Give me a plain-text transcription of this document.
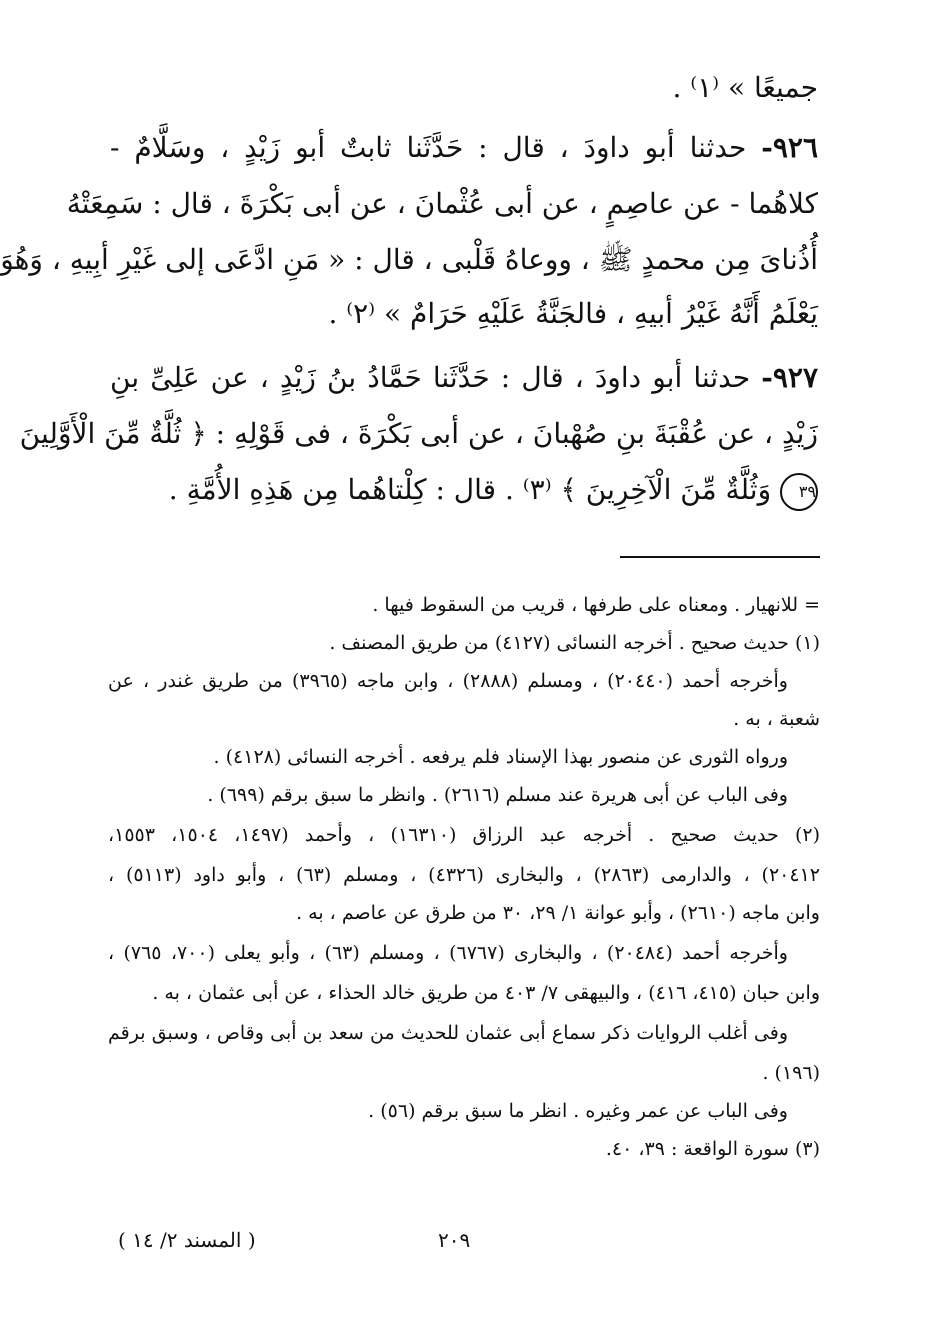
جميعًا » ⁽١⁾ .
٩٢٦- حدثنا أبو داودَ ، قال : حَدَّثَنا ثابتٌ أبو زَيْدٍ ، وسَلَّامٌ -
كلاهُما - عن عاصِمٍ ، عن أبى عُثْمانَ ، عن أبى بَكْرَةَ ، قال : سَمِعَتْهُ
أُذُناىَ مِن محمدٍ ﷺ ، ووعاهُ قَلْبى ، قال : « مَنِ ادَّعَى إلى غَيْرِ أبِيهِ ، وَهُوَ
يَعْلَمُ أَنَّهُ غَيْرُ أبيهِ ، فالجَنَّةُ عَلَيْهِ حَرَامٌ » ⁽٢⁾ .
٩٢٧- حدثنا أبو داودَ ، قال : حَدَّثَنا حَمَّادُ بنُ زَيْدٍ ، عن عَلِىِّ بنِ
زَيْدٍ ، عن عُقْبَةَ بنِ صُهْبانَ ، عن أبى بَكْرَةَ ، فى قَوْلِهِ : ﴿ ثُلَّةٌ مِّنَ الْأَوَّلِينَ
٣٩ وَثُلَّةٌ مِّنَ الْآخِرِينَ ﴾ ⁽٣⁾ . قال : كِلْتاهُما مِن هَذِهِ الأُمَّةِ .
= للانهيار . ومعناه على طرفها ، قريب من السقوط فيها .
(١) حديث صحيح . أخرجه النسائى (٤١٢٧) من طريق المصنف .
وأخرجه أحمد (٢٠٤٤٠) ، ومسلم (٢٨٨٨) ، وابن ماجه (٣٩٦٥) من طريق غندر ، عن
شعبة ، به .
ورواه الثورى عن منصور بهذا الإسناد فلم يرفعه . أخرجه النسائى (٤١٢٨) .
وفى الباب عن أبى هريرة عند مسلم (٢٦١٦) . وانظر ما سبق برقم (٦٩٩) .
(٢) حديث صحيح . أخرجه عبد الرزاق (١٦٣١٠) ، وأحمد (١٤٩٧، ١٥٠٤، ١٥٥٣،
٢٠٤١٢) ، والدارمى (٢٨٦٣) ، والبخارى (٤٣٢٦) ، ومسلم (٦٣) ، وأبو داود (٥١١٣) ،
وابن ماجه (٢٦١٠) ، وأبو عوانة ١/ ٢٩، ٣٠ من طرق عن عاصم ، به .
وأخرجه أحمد (٢٠٤٨٤) ، والبخارى (٦٧٦٧) ، ومسلم (٦٣) ، وأبو يعلى (٧٠٠، ٧٦٥) ،
وابن حبان (٤١٥، ٤١٦) ، والبيهقى ٧/ ٤٠٣ من طريق خالد الحذاء ، عن أبى عثمان ، به .
وفى أغلب الروايات ذكر سماع أبى عثمان للحديث من سعد بن أبى وقاص ، وسبق برقم
(١٩٦) .
وفى الباب عن عمر وغيره . انظر ما سبق برقم (٥٦) .
(٣) سورة الواقعة : ٣٩، ٤٠.
٢٠٩
( المسند ٢/ ١٤ )
